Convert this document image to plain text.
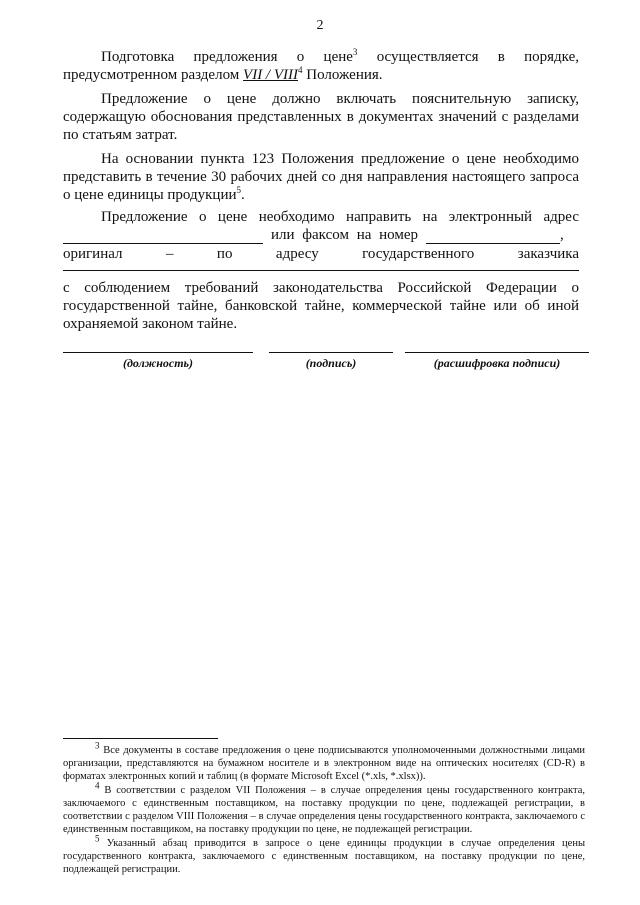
2

Подготовка предложения о цене$^3$ осуществляется в порядке, предусмотренном разделом VII / VIII$^4$ Положения.

Предложение о цене должно включать пояснительную записку, содержащую обоснования представленных в документах значений с разделами по статьям затрат.

На основании пункта 123 Положения предложение о цене необходимо представить в течение 30 рабочих дней со дня направления настоящего запроса о цене единицы продукции$^5$.

Предложение о цене необходимо направить на электронный адрес

или факсом на номер	,

оригинал – по адресу государственного заказчика

с соблюдением требований законодательства Российской Федерации о государственной тайне, банковской тайне, коммерческой тайне или об иной охраняемой законом тайне.

(должность)	(подпись)	(расшифровка подписи)

$^3$ Все документы в составе предложения о цене подписываются уполномоченными должностными лицами организации, представляются на бумажном носителе и в электронном виде на оптических носителях (CD-R) в форматах электронных копий и таблиц (в формате Microsoft Excel (*.xls, *.xlsx)).

$^4$ В соответствии с разделом VII Положения – в случае определения цены государственного контракта, заключаемого с единственным поставщиком, на поставку продукции по цене, подлежащей регистрации, в соответствии с разделом VIII Положения – в случае определения цены государственного контракта, заключаемого с единственным поставщиком, на поставку продукции по цене, не подлежащей регистрации.

$^5$ Указанный абзац приводится в запросе о цене единицы продукции в случае определения цены государственного контракта, заключаемого с единственным поставщиком, на поставку продукции по цене, подлежащей регистрации.
